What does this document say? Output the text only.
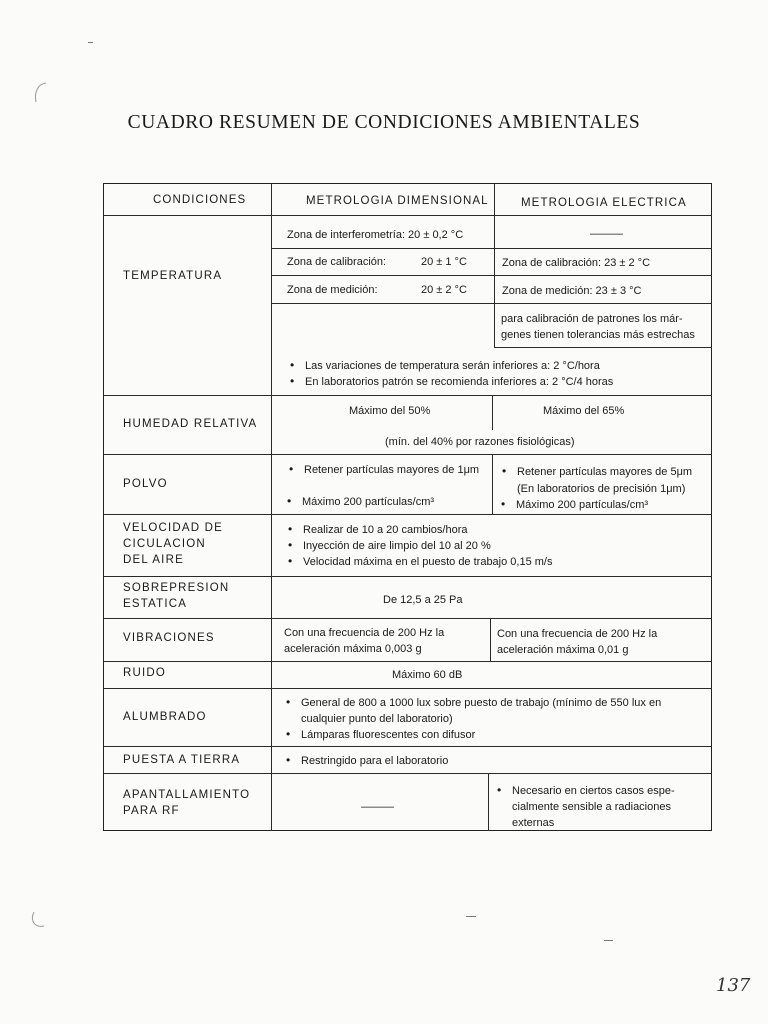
CUADRO RESUMEN DE CONDICIONES AMBIENTALES
CONDICIONES	METROLOGIA DIMENSIONAL	METROLOGIA ELECTRICA
TEMPERATURA
Zona de interferometría: 20 ± 0,2 °C	———
Zona de calibración:	20 ± 1 °C	Zona de calibración: 23 ± 2 °C
Zona de medición:	20 ± 2 °C	Zona de medición: 23 ± 3 °C
para calibración de patrones los már-
genes tienen tolerancias más estrechas
• Las variaciones de temperatura serán inferiores a: 2 °C/hora
• En laboratorios patrón se recomienda inferiores a: 2 °C/4 horas
HUMEDAD RELATIVA
Máximo del 50%	Máximo del 65%
(mín. del 40% por razones fisiológicas)
POLVO
• Retener partículas mayores de 1μm
• Máximo 200 partículas/cm³
• Retener partículas mayores de 5μm
(En laboratorios de precisión 1μm)
• Máximo 200 partículas/cm³
VELOCIDAD DE
CICULACION
DEL AIRE
• Realizar de 10 a 20 cambios/hora
• Inyección de aire limpio del 10 al 20 %
• Velocidad máxima en el puesto de trabajo 0,15 m/s
SOBREPRESION
ESTATICA	De 12,5 a 25 Pa
VIBRACIONES	Con una frecuencia de 200 Hz la
aceleración máxima 0,003 g
Con una frecuencia de 200 Hz la
aceleración máxima 0,01 g
RUIDO	Máximo 60 dB
ALUMBRADO
• General de 800 a 1000 lux sobre puesto de trabajo (mínimo de 550 lux en cualquier punto del laboratorio)
• Lámparas fluorescentes con difusor
PUESTA A TIERRA
•	Restringido para el laboratorio
APANTALLAMIENTO
PARA RF	———
• Necesario en ciertos casos espe- cialmente sensible a radiaciones externas
137
